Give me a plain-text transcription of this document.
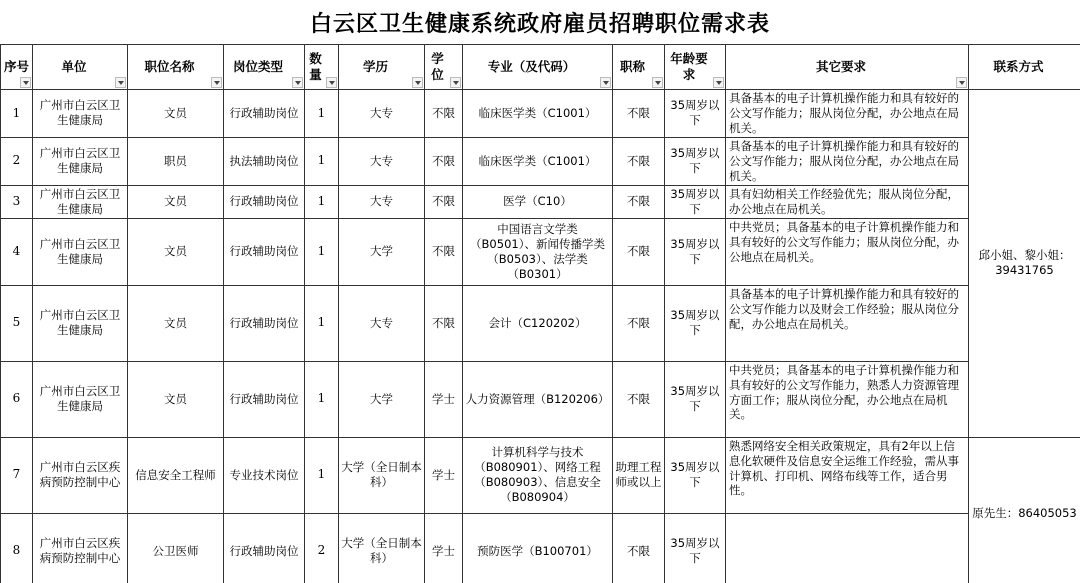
白云区卫生健康系统政府雇员招聘职位需求表
序号	单位	职位名称	岗位类型	数量	学历	学位	专业（及代码）	职称	年龄要求	其它要求	联系方式
1	广州市白云区卫生健康局	文员	行政辅助岗位	1	大专	不限	临床医学类（C1001）	不限	35周岁以下	具备基本的电子计算机操作能力和具有较好的公文写作能力；服从岗位分配，办公地点在局机关。	邱小姐、黎小姐：39431765
2	广州市白云区卫生健康局	职员	执法辅助岗位	1	大专	不限	临床医学类（C1001）	不限	35周岁以下	具备基本的电子计算机操作能力和具有较好的公文写作能力；服从岗位分配，办公地点在局机关。	
3	广州市白云区卫生健康局	文员	行政辅助岗位	1	大专	不限	医学（C10）	不限	35周岁以下	具有妇幼相关工作经验优先；服从岗位分配，办公地点在局机关。	
4	广州市白云区卫生健康局	文员	行政辅助岗位	1	大学	不限	中国语言文学类（B0501）、新闻传播学类（B0503）、法学类（B0301）	不限	35周岁以下	中共党员；具备基本的电子计算机操作能力和具有较好的公文写作能力；服从岗位分配，办公地点在局机关。	
5	广州市白云区卫生健康局	文员	行政辅助岗位	1	大专	不限	会计（C120202）	不限	35周岁以下	具备基本的电子计算机操作能力和具有较好的公文写作能力以及财会工作经验；服从岗位分配，办公地点在局机关。	
6	广州市白云区卫生健康局	文员	行政辅助岗位	1	大学	学士	人力资源管理（B120206）	不限	35周岁以下	中共党员；具备基本的电子计算机操作能力和具有较好的公文写作能力，熟悉人力资源管理方面工作；服从岗位分配，办公地点在局机关。	
7	广州市白云区疾病预防控制中心	信息安全工程师	专业技术岗位	1	大学（全日制本科）	学士	计算机科学与技术（B080901）、网络工程（B080903）、信息安全（B080904）	助理工程师或以上	35周岁以下	熟悉网络安全相关政策规定，具有2年以上信息化软硬件及信息安全运维工作经验，需从事计算机、打印机、网络布线等工作，适合男性。	原先生：86405053
8	广州市白云区疾病预防控制中心	公卫医师	行政辅助岗位	2	大学（全日制本科）	学士	预防医学（B100701）	不限	35周岁以下		
